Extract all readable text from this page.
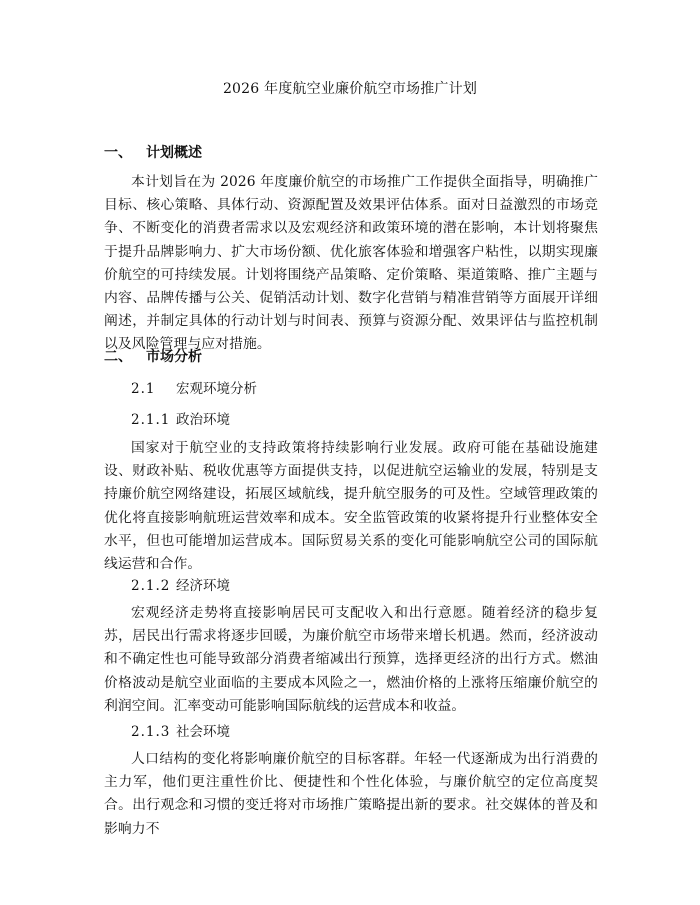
2026 年度航空业廉价航空市场推广计划
一、 计划概述
本计划旨在为 2026 年度廉价航空的市场推广工作提供全面指导，明确推广目标、核心策略、具体行动、资源配置及效果评估体系。面对日益激烈的市场竞争、不断变化的消费者需求以及宏观经济和政策环境的潜在影响，本计划将聚焦于提升品牌影响力、扩大市场份额、优化旅客体验和增强客户粘性，以期实现廉价航空的可持续发展。计划将围绕产品策略、定价策略、渠道策略、推广主题与内容、品牌传播与公关、促销活动计划、数字化营销与精准营销等方面展开详细阐述，并制定具体的行动计划与时间表、预算与资源分配、效果评估与监控机制以及风险管理与应对措施。
二、 市场分析
2.1 宏观环境分析
2.1.1 政治环境
国家对于航空业的支持政策将持续影响行业发展。政府可能在基础设施建设、财政补贴、税收优惠等方面提供支持，以促进航空运输业的发展，特别是支持廉价航空网络建设，拓展区域航线，提升航空服务的可及性。空域管理政策的优化将直接影响航班运营效率和成本。安全监管政策的收紧将提升行业整体安全水平，但也可能增加运营成本。国际贸易关系的变化可能影响航空公司的国际航线运营和合作。
2.1.2 经济环境
宏观经济走势将直接影响居民可支配收入和出行意愿。随着经济的稳步复苏，居民出行需求将逐步回暖，为廉价航空市场带来增长机遇。然而，经济波动和不确定性也可能导致部分消费者缩减出行预算，选择更经济的出行方式。燃油价格波动是航空业面临的主要成本风险之一，燃油价格的上涨将压缩廉价航空的利润空间。汇率变动可能影响国际航线的运营成本和收益。
2.1.3 社会环境
人口结构的变化将影响廉价航空的目标客群。年轻一代逐渐成为出行消费的主力军，他们更注重性价比、便捷性和个性化体验，与廉价航空的定位高度契合。出行观念和习惯的变迁将对市场推广策略提出新的要求。社交媒体的普及和影响力不
